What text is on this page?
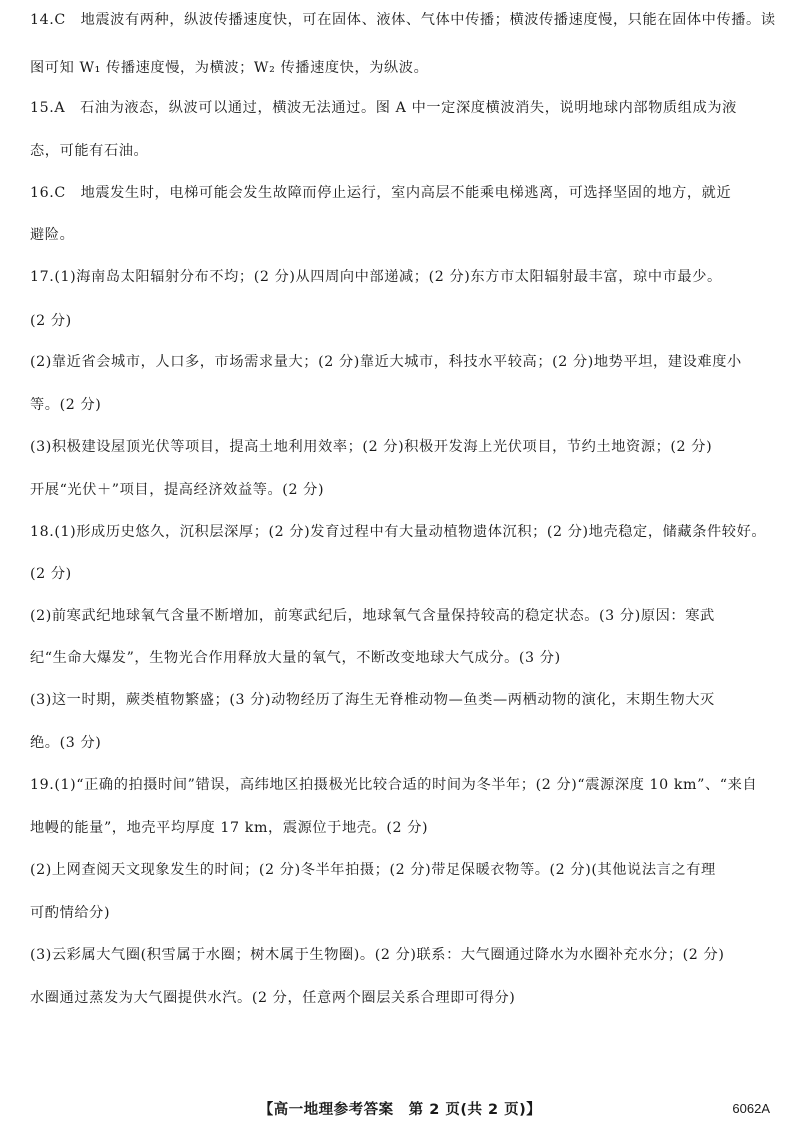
14.C　地震波有两种，纵波传播速度快，可在固体、液体、气体中传播；横波传播速度慢，只能在固体中传播。读
图可知 W₁ 传播速度慢，为横波；W₂ 传播速度快，为纵波。
15.A　石油为液态，纵波可以通过，横波无法通过。图 A 中一定深度横波消失，说明地球内部物质组成为液
态，可能有石油。
16.C　地震发生时，电梯可能会发生故障而停止运行，室内高层不能乘电梯逃离，可选择坚固的地方，就近
避险。
17.(1)海南岛太阳辐射分布不均；(2 分)从四周向中部递减；(2 分)东方市太阳辐射最丰富，琼中市最少。
(2 分)
(2)靠近省会城市，人口多，市场需求量大；(2 分)靠近大城市，科技水平较高；(2 分)地势平坦，建设难度小
等。(2 分)
(3)积极建设屋顶光伏等项目，提高土地利用效率；(2 分)积极开发海上光伏项目，节约土地资源；(2 分)
开展“光伏＋”项目，提高经济效益等。(2 分)
18.(1)形成历史悠久，沉积层深厚；(2 分)发育过程中有大量动植物遗体沉积；(2 分)地壳稳定，储藏条件较好。
(2 分)
(2)前寒武纪地球氧气含量不断增加，前寒武纪后，地球氧气含量保持较高的稳定状态。(3 分)原因：寒武
纪“生命大爆发”，生物光合作用释放大量的氧气，不断改变地球大气成分。(3 分)
(3)这一时期，蕨类植物繁盛；(3 分)动物经历了海生无脊椎动物—鱼类—两栖动物的演化，末期生物大灭
绝。(3 分)
19.(1)“正确的拍摄时间”错误，高纬地区拍摄极光比较合适的时间为冬半年；(2 分)“震源深度 10 km”、“来自
地幔的能量”，地壳平均厚度 17 km，震源位于地壳。(2 分)
(2)上网查阅天文现象发生的时间；(2 分)冬半年拍摄；(2 分)带足保暖衣物等。(2 分)(其他说法言之有理
可酌情给分)
(3)云彩属大气圈(积雪属于水圈；树木属于生物圈)。(2 分)联系：大气圈通过降水为水圈补充水分；(2 分)
水圈通过蒸发为大气圈提供水汽。(2 分，任意两个圈层关系合理即可得分)
【高一地理参考答案　第 2 页(共 2 页)】	6062A
